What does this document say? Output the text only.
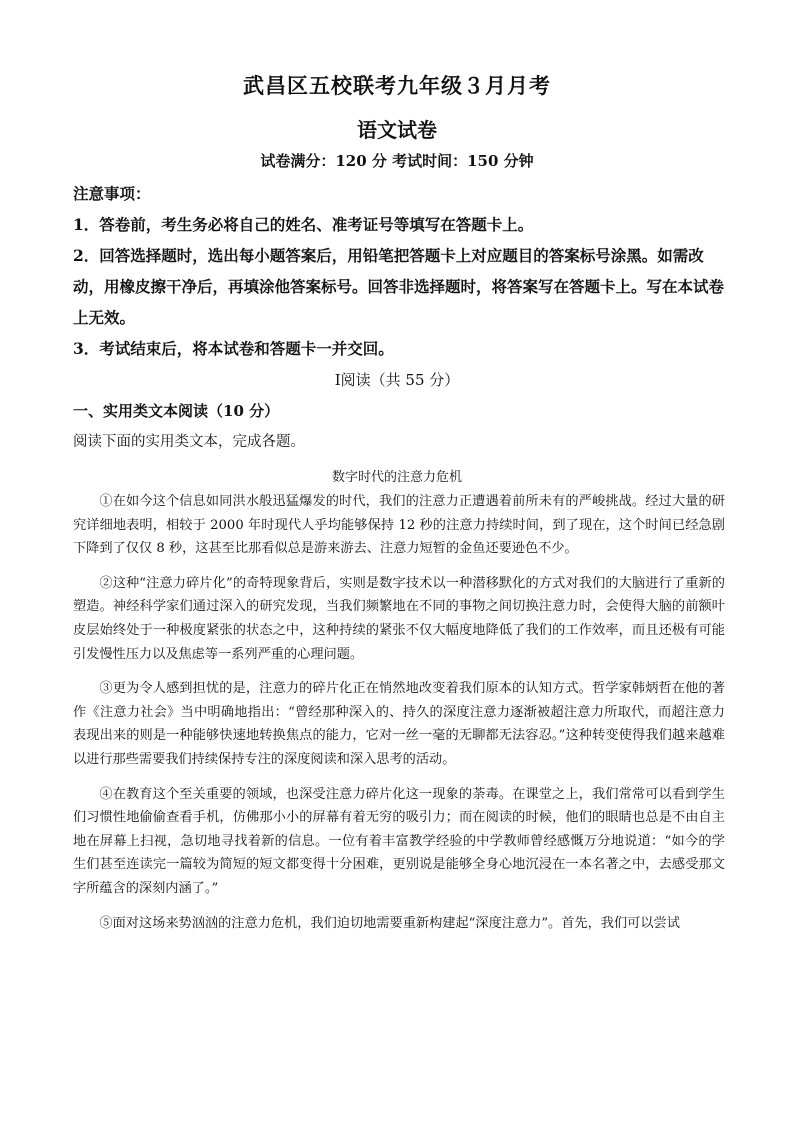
武昌区五校联考九年级３月月考
语文试卷
试卷满分：120 分 考试时间：150 分钟

注意事项：

1．答卷前，考生务必将自己的姓名、准考证号等填写在答题卡上。

2．回答选择题时，选出每小题答案后，用铅笔把答题卡上对应题目的答案标号涂黑。如需改动，用橡皮擦干净后，再填涂他答案标号。回答非选择题时，将答案写在答题卡上。写在本试卷上无效。

3．考试结束后，将本试卷和答题卡一并交回。

Ⅰ阅读（共 55 分）
一、实用类文本阅读（10 分）
阅读下面的实用类文本，完成各题。
数字时代的注意力危机

①在如今这个信息如同洪水般迅猛爆发的时代，我们的注意力正遭遇着前所未有的严峻挑战。经过大量的研究详细地表明，相较于 2000 年时现代人乎均能够保持 12 秒的注意力持续时间，到了现在，这个时间已经急剧下降到了仅仅 8 秒，这甚至比那看似总是游来游去、注意力短暂的金鱼还要逊色不少。

②这种“注意力碎片化”的奇特现象背后，实则是数字技术以一种潜移默化的方式对我们的大脑进行了重新的塑造。神经科学家们通过深入的研究发现，当我们频繁地在不同的事物之间切换注意力时，会使得大脑的前额叶皮层始终处于一种极度紧张的状态之中，这种持续的紧张不仅大幅度地降低了我们的工作效率，而且还极有可能引发慢性压力以及焦虑等一系列严重的心理问题。

③更为令人感到担忧的是，注意力的碎片化正在悄然地改变着我们原本的认知方式。哲学家韩炳哲在他的著作《注意力社会》当中明确地指出：“曾经那种深入的、持久的深度注意力逐渐被超注意力所取代，而超注意力表现出来的则是一种能够快速地转换焦点的能力，它对一丝一毫的无聊都无法容忍。”这种转变使得我们越来越难以进行那些需要我们持续保持专注的深度阅读和深入思考的活动。

④在教育这个至关重要的领域，也深受注意力碎片化这一现象的荼毒。在课堂之上，我们常常可以看到学生们习惯性地偷偷查看手机，仿佛那小小的屏幕有着无穷的吸引力；而在阅读的时候，他们的眼睛也总是不由自主地在屏幕上扫视，急切地寻找着新的信息。一位有着丰富教学经验的中学教师曾经感慨万分地说道：“如今的学生们甚至连读完一篇较为简短的短文都变得十分困难，更别说是能够全身心地沉浸在一本名著之中，去感受那文字所蕴含的深刻内涵了。”

⑤面对这场来势汹汹的注意力危机，我们迫切地需要重新构建起“深度注意力”。首先，我们可以尝试
